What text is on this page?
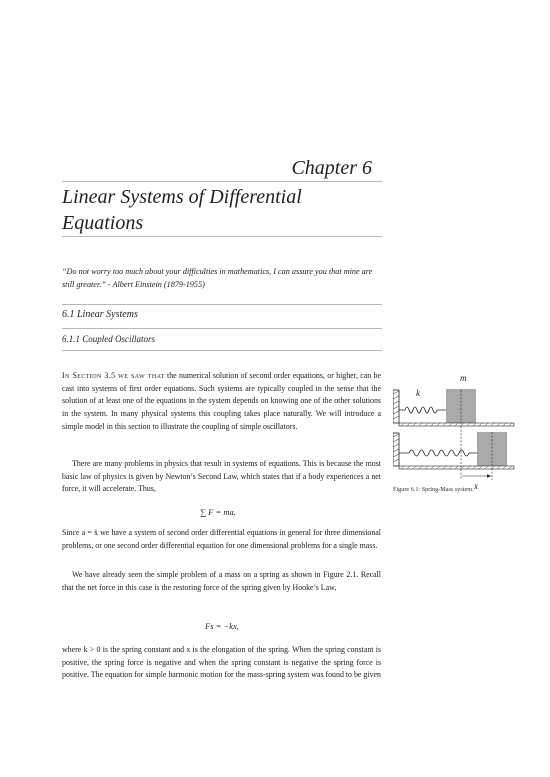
Chapter 6
Linear Systems of Differential Equations
“Do not worry too much about your difficulties in mathematics, I can assure you that mine are still greater.” - Albert Einstein (1879-1955)
6.1 Linear Systems
6.1.1 Coupled Oscillators

In Section 3.5 we saw that the numerical solution of second order equations, or higher, can be cast into systems of first order equations. Such systems are typically coupled in the sense that the solution of at least one of the equations in the system depends on knowing one of the other solutions in the system. In many physical systems this coupling takes place naturally. We will introduce a simple model in this section to illustrate the coupling of simple oscillators.

There are many problems in physics that result in systems of equations. This is because the most basic law of physics is given by Newton’s Second Law, which states that if a body experiences a net force, it will accelerate. Thus,

∑ F = ma.

Since a = ẍ we have a system of second order differential equations in general for three dimensional problems, or one second order differential equation for one dimensional problems for a single mass.

We have already seen the simple problem of a mass on a spring as shown in Figure 2.1. Recall that the net force in this case is the restoring force of the spring given by Hooke’s Law,

Fs = −kx,

where k > 0 is the spring constant and x is the elongation of the spring. When the spring constant is positive, the spring force is negative and when the spring constant is negative the spring force is positive. The equation for simple harmonic motion for the mass-spring system was found to be given

m
k
x
Figure 6.1: Spring-Mass system.
